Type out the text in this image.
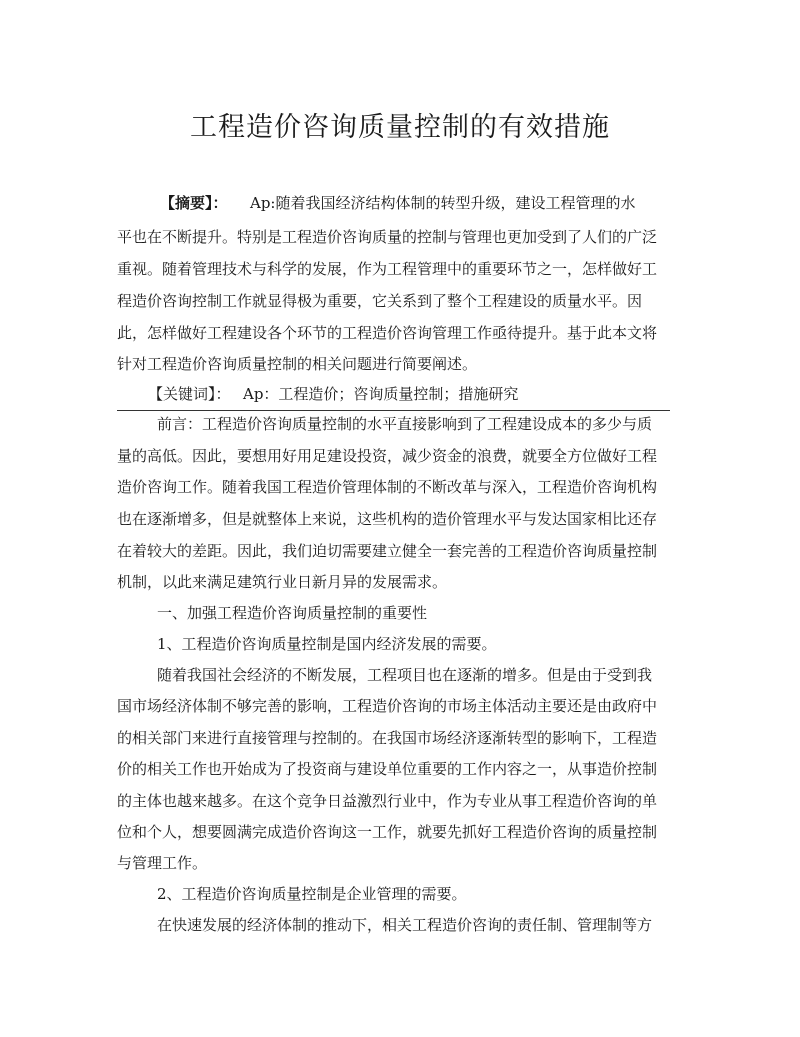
工程造价咨询质量控制的有效措施
【摘要】： Ap:随着我国经济结构体制的转型升级，建设工程管理的水
平也在不断提升。特别是工程造价咨询质量的控制与管理也更加受到了人们的广泛
重视。随着管理技术与科学的发展，作为工程管理中的重要环节之一，怎样做好工
程造价咨询控制工作就显得极为重要，它关系到了整个工程建设的质量水平。因
此，怎样做好工程建设各个环节的工程造价咨询管理工作亟待提升。基于此本文将
针对工程造价咨询质量控制的相关问题进行简要阐述。
【关键词】： Ap：工程造价；咨询质量控制；措施研究
前言：工程造价咨询质量控制的水平直接影响到了工程建设成本的多少与质
量的高低。因此，要想用好用足建设投资，减少资金的浪费，就要全方位做好工程
造价咨询工作。随着我国工程造价管理体制的不断改革与深入，工程造价咨询机构
也在逐渐增多，但是就整体上来说，这些机构的造价管理水平与发达国家相比还存
在着较大的差距。因此，我们迫切需要建立健全一套完善的工程造价咨询质量控制
机制，以此来满足建筑行业日新月异的发展需求。
一、加强工程造价咨询质量控制的重要性
1、工程造价咨询质量控制是国内经济发展的需要。
随着我国社会经济的不断发展，工程项目也在逐渐的增多。但是由于受到我
国市场经济体制不够完善的影响，工程造价咨询的市场主体活动主要还是由政府中
的相关部门来进行直接管理与控制的。在我国市场经济逐渐转型的影响下，工程造
价的相关工作也开始成为了投资商与建设单位重要的工作内容之一，从事造价控制
的主体也越来越多。在这个竞争日益激烈行业中，作为专业从事工程造价咨询的单
位和个人，想要圆满完成造价咨询这一工作，就要先抓好工程造价咨询的质量控制
与管理工作。
2、工程造价咨询质量控制是企业管理的需要。
在快速发展的经济体制的推动下，相关工程造价咨询的责任制、管理制等方
